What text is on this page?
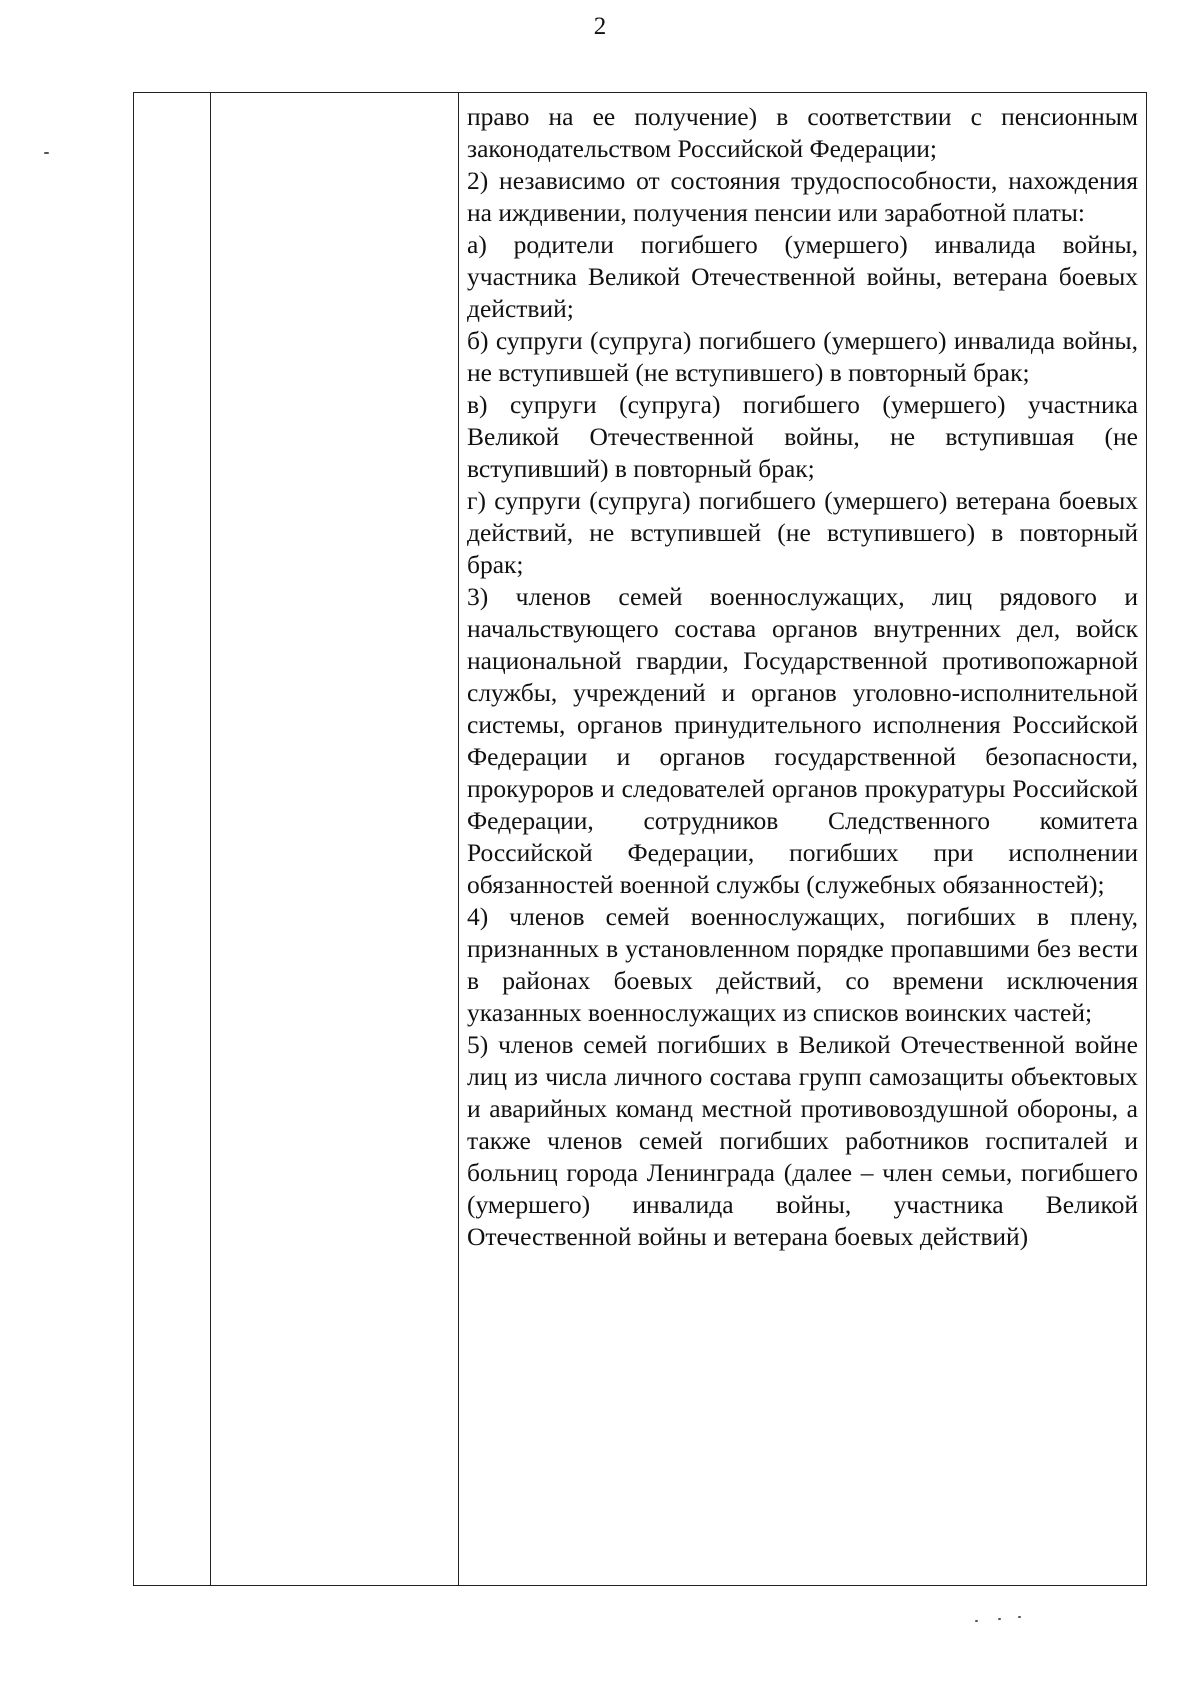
2

право на ее получение) в соответствии с пенсионным законодательством Российской Федерации;

2) независимо от состояния трудоспособности, нахождения на иждивении, получения пенсии или заработной платы:

а) родители погибшего (умершего) инвалида войны, участника Великой Отечественной войны, ветерана боевых действий;

б) супруги (супруга) погибшего (умершего) инвалида войны, не вступившей (не вступившего) в повторный брак;

в) супруги (супруга) погибшего (умершего) участника Великой Отечественной войны, не вступившая (не вступивший) в повторный брак;

г) супруги (супруга) погибшего (умершего) ветерана боевых действий, не вступившей (не вступившего) в повторный брак;

3) членов семей военнослужащих, лиц рядового и начальствующего состава органов внутренних дел, войск национальной гвардии, Государственной противопожарной службы, учреждений и органов уголовно-исполнительной системы, органов принудительного исполнения Российской Федерации и органов государственной безопасности, прокуроров и следователей органов прокуратуры Российской Федерации, сотрудников Следственного комитета Российской Федерации, погибших при исполнении обязанностей военной службы (служебных обязанностей);

4) членов семей военнослужащих, погибших в плену, признанных в установленном порядке пропавшими без вести в районах боевых действий, со времени исключения указанных военнослужащих из списков воинских частей;

5) членов семей погибших в Великой Отечественной войне лиц из числа личного состава групп самозащиты объектовых и аварийных команд местной противовоздушной обороны, а также членов семей погибших работников госпиталей и больниц города Ленинграда (далее – член семьи, погибшего (умершего) инвалида войны, участника Великой Отечественной войны и ветерана боевых действий)
